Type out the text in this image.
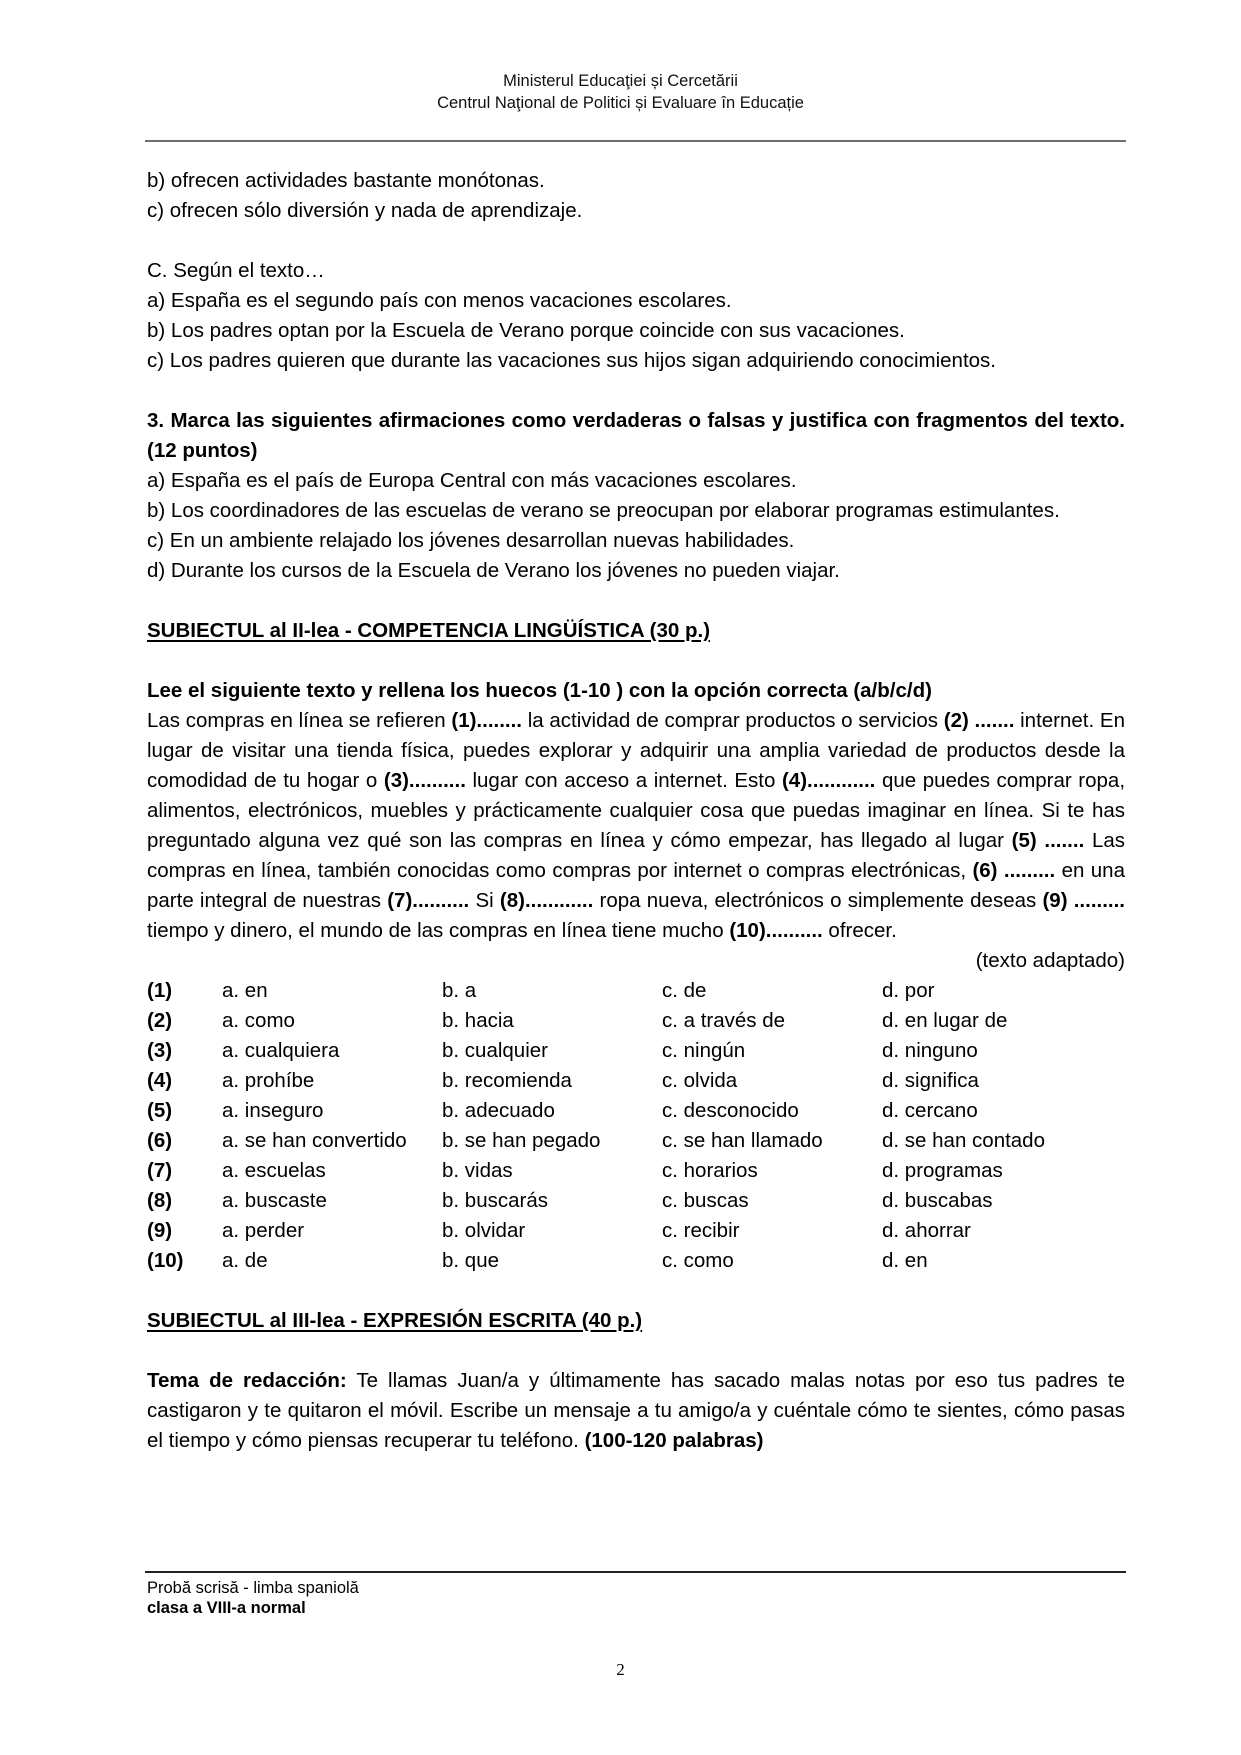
Ministerul Educaţiei și Cercetării
Centrul Naţional de Politici și Evaluare în Educație
b) ofrecen actividades bastante monótonas.
c) ofrecen sólo diversión y nada de aprendizaje.
C. Según el texto…
a) España es el segundo país con menos vacaciones escolares.
b) Los padres optan por la Escuela de Verano porque coincide con sus vacaciones.
c) Los padres quieren que durante las vacaciones sus hijos sigan adquiriendo conocimientos.
3. Marca las siguientes afirmaciones como verdaderas o falsas y justifica con fragmentos del texto. (12 puntos)
a) España es el país de Europa Central con más vacaciones escolares.
b) Los coordinadores de las escuelas de verano se preocupan por elaborar programas estimulantes.
c) En un ambiente relajado los jóvenes desarrollan nuevas habilidades.
d) Durante los cursos de la Escuela de Verano los jóvenes no pueden viajar.
SUBIECTUL al II-lea - COMPETENCIA LINGÜÍSTICA (30 p.)
Lee el siguiente texto y rellena los huecos (1-10 ) con la opción correcta (a/b/c/d)
Las compras en línea se refieren (1)........ la actividad de comprar productos o servicios (2) ....... internet. En lugar de visitar una tienda física, puedes explorar y adquirir una amplia variedad de productos desde la comodidad de tu hogar o (3).......... lugar con acceso a internet. Esto (4)............ que puedes comprar ropa, alimentos, electrónicos, muebles y prácticamente cualquier cosa que puedas imaginar en línea. Si te has preguntado alguna vez qué son las compras en línea y cómo empezar, has llegado al lugar (5) ....... Las compras en línea, también conocidas como compras por internet o compras electrónicas, (6) ......... en una parte integral de nuestras (7).......... Si (8)............ ropa nueva, electrónicos o simplemente deseas (9) ......... tiempo y dinero, el mundo de las compras en línea tiene mucho (10).......... ofrecer.
(texto adaptado)
(1)	a. en	b. a	c. de	d. por
(2)	a. como	b. hacia	c. a través de	d. en lugar de
(3)	a. cualquiera	b. cualquier	c. ningún	d. ninguno
(4)	a. prohíbe	b. recomienda	c. olvida	d. significa
(5)	a. inseguro	b. adecuado	c. desconocido	d. cercano
(6)	a. se han convertido	b. se han pegado	c. se han llamado	d. se han contado
(7)	a. escuelas	b. vidas	c. horarios	d. programas
(8)	a. buscaste	b. buscarás	c. buscas	d. buscabas
(9)	a. perder	b. olvidar	c. recibir	d. ahorrar
(10)	a. de	b. que	c. como	d. en
SUBIECTUL al III-lea - EXPRESIÓN ESCRITA (40 p.)
Tema de redacción: Te llamas Juan/a y últimamente has sacado malas notas por eso tus padres te castigaron y te quitaron el móvil. Escribe un mensaje a tu amigo/a y cuéntale cómo te sientes, cómo pasas el tiempo y cómo piensas recuperar tu teléfono. (100-120 palabras)
Probă scrisă - limba spaniolă
clasa a VIII-a normal
2
